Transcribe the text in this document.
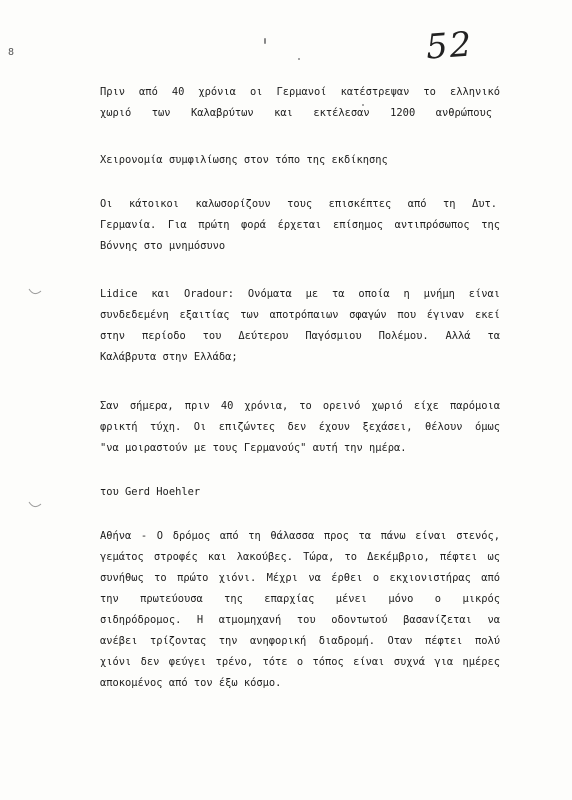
8	52
Πριν από 40 χρόνια οι Γερμανοί κατέστρεψαν το ελληνικό
χωριό των Καλαβρύτων και εκτέλεσαν 1200 ανθρώπους
Χειρονομία συμφιλίωσης στον τόπο της εκδίκησης
Οι κάτοικοι καλωσορίζουν τους επισκέπτες από τη Δυτ.
Γερμανία. Για πρώτη φορά έρχεται επίσημος αντιπρόσωπος της
Βόννης στο μνημόσυνο
Lidice και Oradour: Ονόματα με τα οποία η μνήμη είναι
συνδεδεμένη εξαιτίας των αποτρόπαιων σφαγών που έγιναν εκεί
στην περίοδο του Δεύτερου Παγόσμιου Πολέμου. Αλλά τα
Καλάβρυτα στην Ελλάδα;
Σαν σήμερα, πριν 40 χρόνια, το ορεινό χωριό είχε παρόμοια
φρικτή τύχη. Οι επιζώντες δεν έχουν ξεχάσει, θέλουν όμως
"να μοιραστούν με τους Γερμανούς" αυτή την ημέρα.
του Gerd Hoehler
Αθήνα - Ο δρόμος από τη θάλασσα προς τα πάνω είναι στενός,
γεμάτος στροφές και λακούβες. Τώρα, το Δεκέμβριο, πέφτει ως
συνήθως το πρώτο χιόνι. Μέχρι να έρθει ο εκχιονιστήρας από
την πρωτεύουσα της επαρχίας μένει μόνο ο μικρός
σιδηρόδρομος. Η ατμομηχανή του οδοντωτού βασανίζεται να
ανέβει τρίζοντας την ανηφορική διαδρομή. Οταν πέφτει πολύ
χιόνι δεν φεύγει τρένο, τότε ο τόπος είναι συχνά για ημέρες
αποκομένος από τον έξω κόσμο.
